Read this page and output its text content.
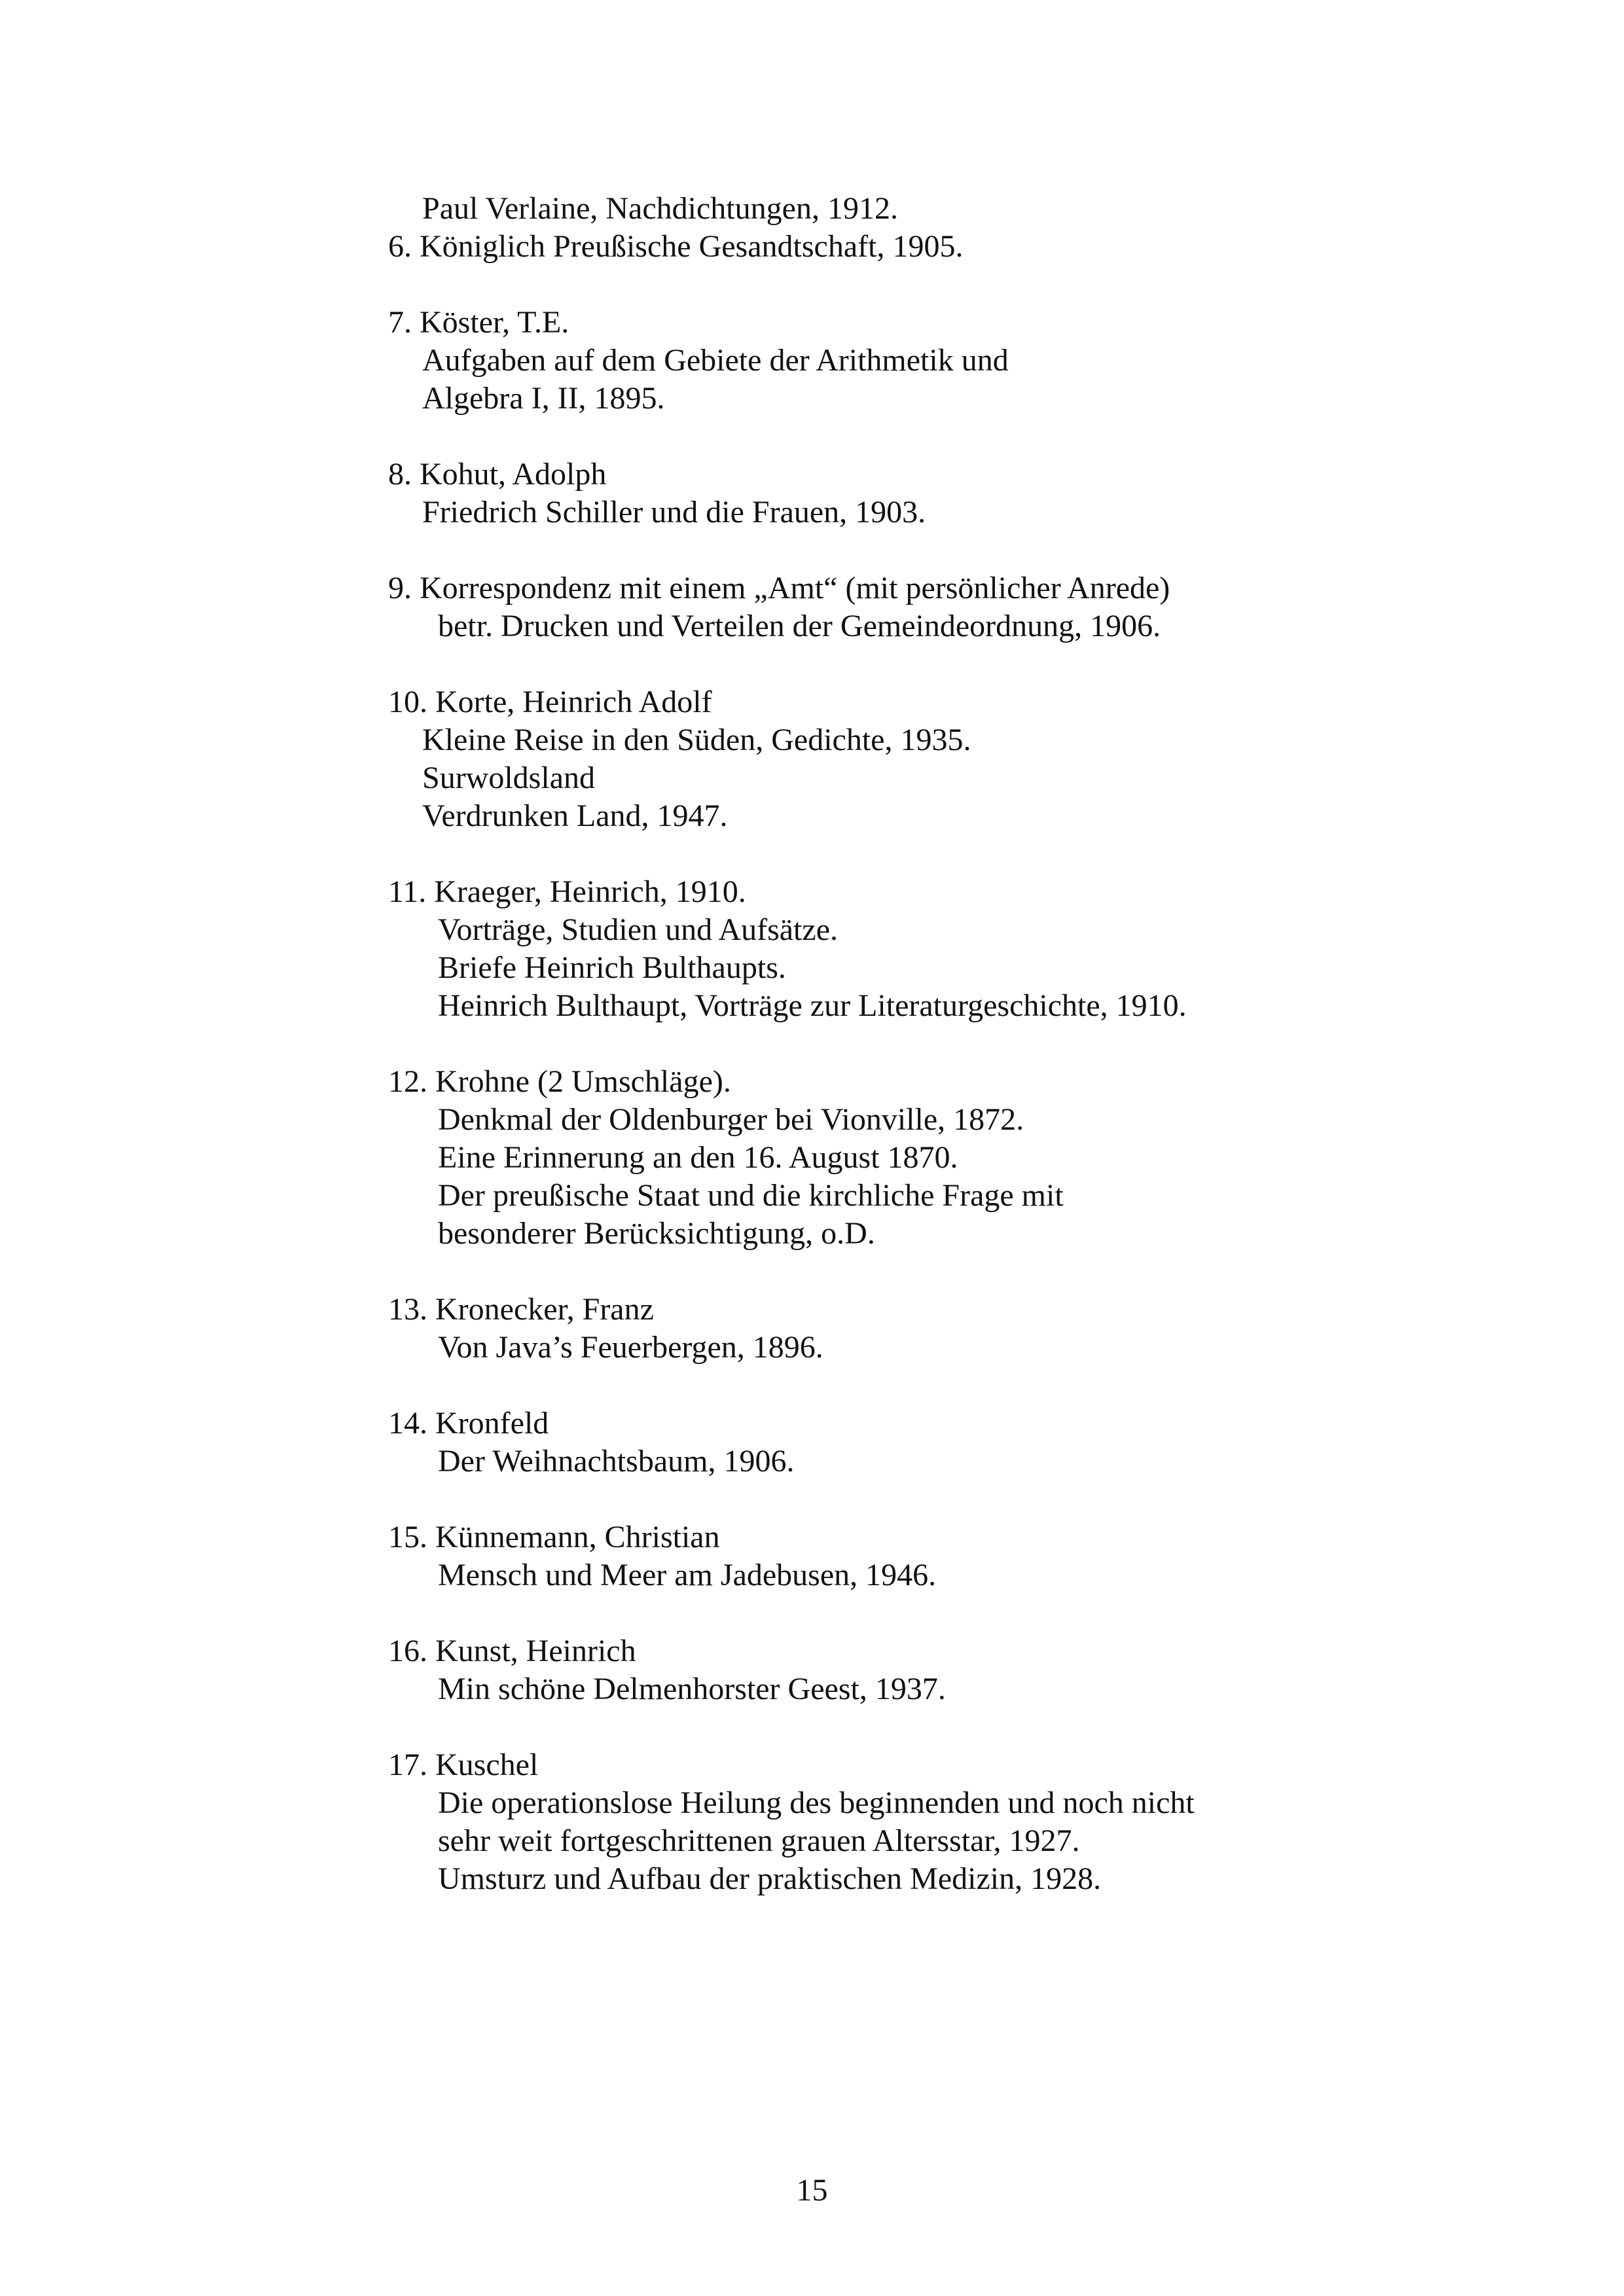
Paul Verlaine, Nachdichtungen, 1912.
6. Königlich Preußische Gesandtschaft, 1905.
7. Köster, T.E.
Aufgaben auf dem Gebiete der Arithmetik und
Algebra I, II, 1895.
8. Kohut, Adolph
Friedrich Schiller und die Frauen, 1903.
9. Korrespondenz mit einem „Amt“ (mit persönlicher Anrede)
betr. Drucken und Verteilen der Gemeindeordnung, 1906.
10. Korte, Heinrich Adolf
Kleine Reise in den Süden, Gedichte, 1935.
Surwoldsland
Verdrunken Land, 1947.
11. Kraeger, Heinrich, 1910.
Vorträge, Studien und Aufsätze.
Briefe Heinrich Bulthaupts.
Heinrich Bulthaupt, Vorträge zur Literaturgeschichte, 1910.
12. Krohne (2 Umschläge).
Denkmal der Oldenburger bei Vionville, 1872.
Eine Erinnerung an den 16. August 1870.
Der preußische Staat und die kirchliche Frage mit
besonderer Berücksichtigung, o.D.
13. Kronecker, Franz
Von Java’s Feuerbergen, 1896.
14. Kronfeld
Der Weihnachtsbaum, 1906.
15. Künnemann, Christian
Mensch und Meer am Jadebusen, 1946.
16. Kunst, Heinrich
Min schöne Delmenhorster Geest, 1937.
17. Kuschel
Die operationslose Heilung des beginnenden und noch nicht
sehr weit fortgeschrittenen grauen Altersstar, 1927.
Umsturz und Aufbau der praktischen Medizin, 1928.
15
